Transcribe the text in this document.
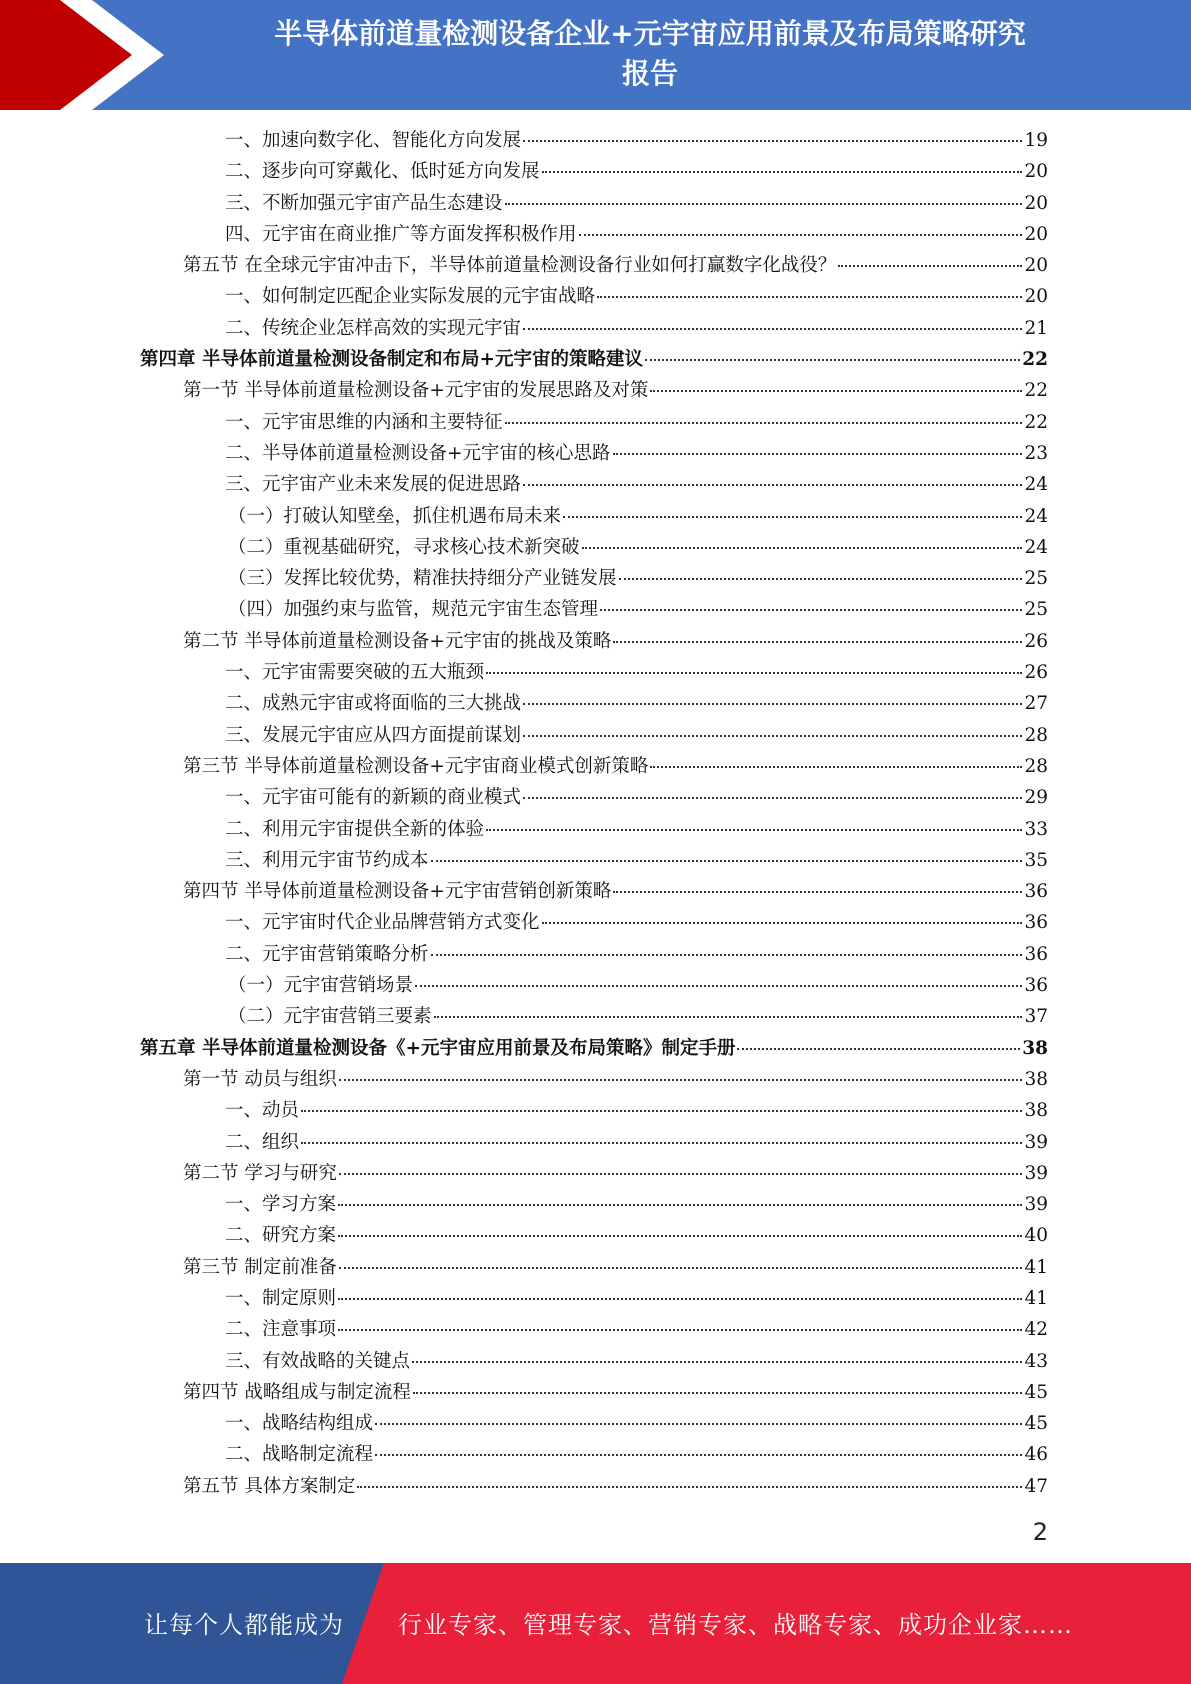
半导体前道量检测设备企业+元宇宙应用前景及布局策略研究
报告
一、加速向数字化、智能化方向发展	19
二、逐步向可穿戴化、低时延方向发展	20
三、不断加强元宇宙产品生态建设	20
四、元宇宙在商业推广等方面发挥积极作用	20
第五节 在全球元宇宙冲击下，半导体前道量检测设备行业如何打赢数字化战役？	20
一、如何制定匹配企业实际发展的元宇宙战略	20
二、传统企业怎样高效的实现元宇宙	21
第四章 半导体前道量检测设备制定和布局+元宇宙的策略建议	22
第一节 半导体前道量检测设备+元宇宙的发展思路及对策	22
一、元宇宙思维的内涵和主要特征	22
二、半导体前道量检测设备+元宇宙的核心思路	23
三、元宇宙产业未来发展的促进思路	24
（一）打破认知壁垒，抓住机遇布局未来	24
（二）重视基础研究，寻求核心技术新突破	24
（三）发挥比较优势，精准扶持细分产业链发展	25
（四）加强约束与监管，规范元宇宙生态管理	25
第二节 半导体前道量检测设备+元宇宙的挑战及策略	26
一、元宇宙需要突破的五大瓶颈	26
二、成熟元宇宙或将面临的三大挑战	27
三、发展元宇宙应从四方面提前谋划	28
第三节 半导体前道量检测设备+元宇宙商业模式创新策略	28
一、元宇宙可能有的新颖的商业模式	29
二、利用元宇宙提供全新的体验	33
三、利用元宇宙节约成本	35
第四节 半导体前道量检测设备+元宇宙营销创新策略	36
一、元宇宙时代企业品牌营销方式变化	36
二、元宇宙营销策略分析	36
（一）元宇宙营销场景	36
（二）元宇宙营销三要素	37
第五章 半导体前道量检测设备《+元宇宙应用前景及布局策略》制定手册	38
第一节 动员与组织	38
一、动员	38
二、组织	39
第二节 学习与研究	39
一、学习方案	39
二、研究方案	40
第三节 制定前准备	41
一、制定原则	41
二、注意事项	42
三、有效战略的关键点	43
第四节 战略组成与制定流程	45
一、战略结构组成	45
二、战略制定流程	46
第五节 具体方案制定	47
2
让每个人都能成为 行业专家、管理专家、营销专家、战略专家、成功企业家……
